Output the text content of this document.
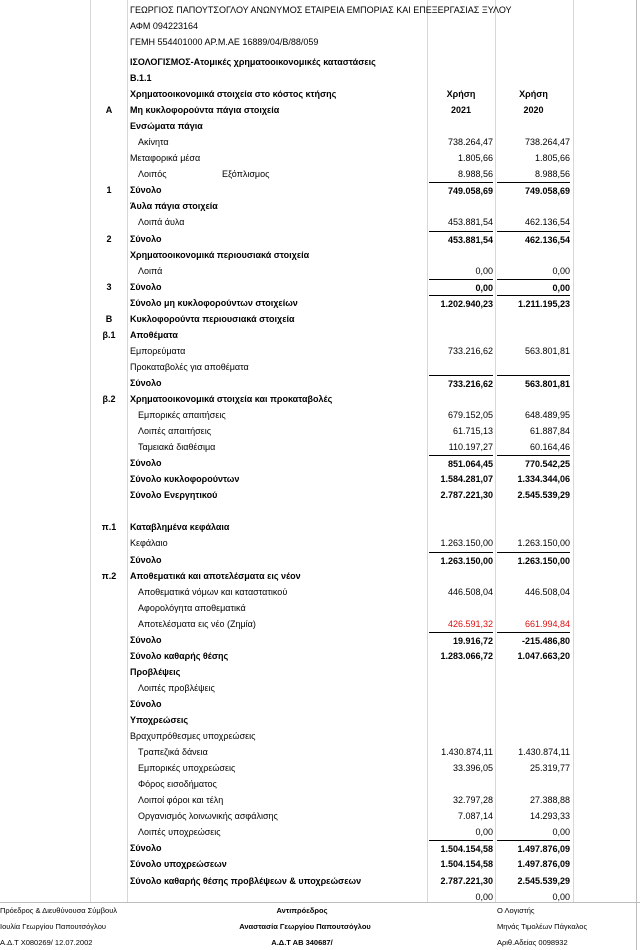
ΓΕΩΡΓΙΟΣ ΠΑΠΟΥΤΣΟΓΛΟΥ ΑΝΩΝΥΜΟΣ ΕΤΑΙΡΕΙΑ ΕΜΠΟΡΙΑΣ ΚΑΙ ΕΠΕΞΕΡΓΑΣΙΑΣ ΞΥΛΟΥ
ΑΦΜ 094223164
ΓΕΜΗ 554401000 ΑΡ.Μ.ΑΕ 16889/04/Β/88/059
ΙΣΟΛΟΓΙΣΜΟΣ-Ατομικές χρηματοοικονομικές καταστάσεις
Β.1.1
Χρηματοοικονομικά στοιχεία στο κόστος κτήσης	Χρήση	Χρήση
Α	Μη κυκλοφορούντα πάγια στοιχεία	2021	2020
Ενσώματα πάγια
Ακίνητα	738.264,47	738.264,47
Μεταφορικά μέσα	1.805,66	1.805,66
Λοιπός	Εξόπλισμος	8.988,56	8.988,56
1	Σύνολο	749.058,69	749.058,69
Άυλα πάγια στοιχεία
Λοιπά άυλα	453.881,54	462.136,54
2	Σύνολο	453.881,54	462.136,54
Χρηματοοικονομικά περιουσιακά στοιχεία
Λοιπά	0,00	0,00
3	Σύνολο	0,00	0,00
Σύνολο μη κυκλοφορούντων στοιχείων	1.202.940,23	1.211.195,23
Β	Κυκλοφορούντα περιουσιακά στοιχεία
β.1	Αποθέματα
Εμπορεύματα	733.216,62	563.801,81
Προκαταβολές για αποθέματα
Σύνολο	733.216,62	563.801,81
β.2	Χρηματοοικονομικά στοιχεία και προκαταβολές
Εμπορικές απαιτήσεις	679.152,05	648.489,95
Λοιπές απαιτήσεις	61.715,13	61.887,84
Ταμειακά διαθέσιμα	110.197,27	60.164,46
Σύνολο	851.064,45	770.542,25
Σύνολο κυκλοφορούντων	1.584.281,07	1.334.344,06
Σύνολο Ενεργητικού	2.787.221,30	2.545.539,29
π.1	Καταβλημένα κεφάλαια
Κεφάλαιο	1.263.150,00	1.263.150,00
Σύνολο	1.263.150,00	1.263.150,00
π.2	Αποθεματικά και αποτελέσματα εις νέον
Αποθεματικά νόμων και καταστατικού	446.508,04	446.508,04
Αφορολόγητα αποθεματικά
Αποτελέσματα εις νέο (Ζημία)	426.591,32	661.994,84
Σύνολο	19.916,72	-215.486,80
Σύνολο καθαρής θέσης	1.283.066,72	1.047.663,20
Προβλέψεις
Λοιπές προβλέψεις
Σύνολο
Υποχρεώσεις
Βραχυπρόθεσμες υποχρεώσεις
Τραπεζικά δάνεια	1.430.874,11	1.430.874,11
Εμπορικές υποχρεώσεις	33.396,05	25.319,77
Φόρος εισοδήματος
Λοιποί φόροι και τέλη	32.797,28	27.388,88
Οργανισμός λοινωνικής ασφάλισης	7.087,14	14.293,33
Λοιπές υποχρεώσεις	0,00	0,00
Σύνολο	1.504.154,58	1.497.876,09
Σύνολο υποχρεώσεων	1.504.154,58	1.497.876,09
Σύνολο καθαρής θέσης προβλέψεων & υποχρεώσεων	2.787.221,30	2.545.539,29
0,00	0,00
Πρόεδρος & Διευθύνουσα Σύμβουλ
Ιουλία Γεωργίου Παπουτσόγλου
Α.Δ.Τ Χ080269/ 12.07.2002
Αντιπρόεδρος
Αναστασία Γεωργίου Παπουτσόγλου
Α.Δ.Τ ΑΒ 340687/
Ο Λογιστής
Μηνάς Τιμολέων Πάγκαλος
Αριθ.Αδείας 0098932
